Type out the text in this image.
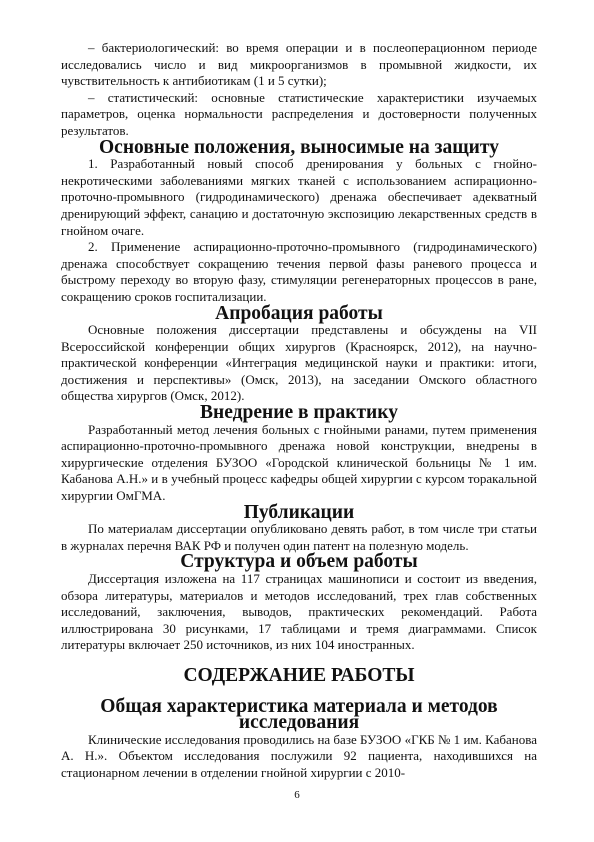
– бактериологический: во время операции и в послеоперационном периоде исследовались число и вид микроорганизмов в промывной жидкости, их чувствительность к антибиотикам (1 и 5 сутки);

– статистический: основные статистические характеристики изучаемых параметров, оценка нормальности распределения и достоверности полученных результатов.

Основные положения, выносимые на защиту

1. Разработанный новый способ дренирования у больных с гнойно-некротическими заболеваниями мягких тканей с использованием аспирационно-проточно-промывного (гидродинамического) дренажа обеспечивает адекватный дренирующий эффект, санацию и достаточную экспозицию лекарственных средств в гнойном очаге.

2. Применение аспирационно-проточно-промывного (гидродинамического) дренажа способствует сокращению течения первой фазы раневого процесса и быстрому переходу во вторую фазу, стимуляции регенераторных процессов в ране, сокращению сроков госпитализации.

Апробация работы

Основные положения диссертации представлены и обсуждены на VII Всероссийской конференции общих хирургов (Красноярск, 2012), на научно-практической конференции «Интеграция медицинской науки и практики: итоги, достижения и перспективы» (Омск, 2013), на заседании Омского областного общества хирургов (Омск, 2012).

Внедрение в практику

Разработанный метод лечения больных с гнойными ранами, путем применения аспирационно-проточно-промывного дренажа новой конструкции, внедрены в хирургические отделения БУЗОО «Городской клинической больницы № 1 им. Кабанова А.Н.» и в учебный процесс кафедры общей хирургии с курсом торакальной хирургии ОмГМА.

Публикации

По материалам диссертации опубликовано девять работ, в том числе три статьи в журналах перечня ВАК РФ и получен один патент на полезную модель.

Структура и объем работы

Диссертация изложена на 117 страницах машинописи и состоит из введения, обзора литературы, материалов и методов исследований, трех глав собственных исследований, заключения, выводов, практических рекомендаций. Работа иллюстрирована 30 рисунками, 17 таблицами и тремя диаграммами. Список литературы включает 250 источников, из них 104 иностранных.

СОДЕРЖАНИЕ РАБОТЫ
Общая характеристика материала и методов исследования

Клинические исследования проводились на базе БУЗОО «ГКБ № 1 им. Кабанова А. Н.». Объектом исследования послужили 92 пациента, находившихся на стационарном лечении в отделении гнойной хирургии с 2010-

6
